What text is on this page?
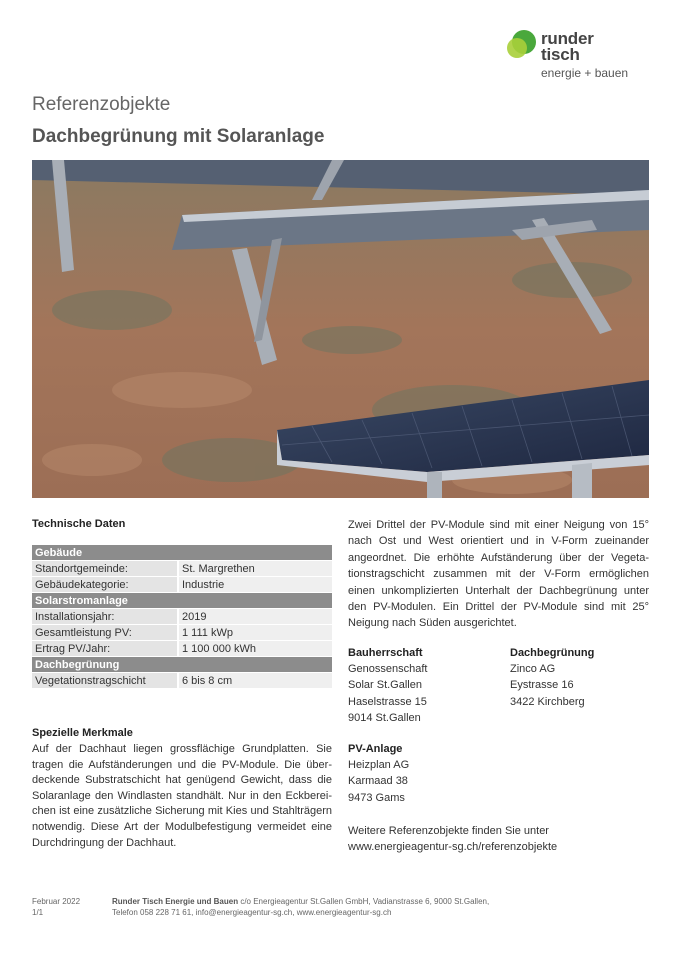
runder
tisch
energie + bauen
Referenzobjekte
Dachbegrünung mit Solaranlage
Technische Daten
Gebäude
Standortgemeinde:	St. Margrethen
Gebäudekategorie:	Industrie
Solarstromanlage
Installationsjahr:	2019
Gesamtleistung PV:	1 111 kWp
Ertrag PV/Jahr:	1 100 000 kWh
Dachbegrünung
Vegetationstragschicht	6 bis 8 cm
Spezielle Merkmale
Auf der Dachhaut liegen grossflächige Grundplatten. Sie tragen die Aufständerungen und die PV-Module. Die überdeckende Substratschicht hat genügend Gewicht, dass die Solaranlage den Windlasten standhält. Nur in den Eckbereichen ist eine zusätzliche Sicherung mit Kies und Stahlträgern notwendig. Diese Art der Modulbefestigung vermeidet eine Durchdringung der Dachhaut.
Zwei Drittel der PV-Module sind mit einer Neigung von 15° nach Ost und West orientiert und in V-Form zueinander angeordnet. Die erhöhte Aufständerung über der Vegetationstragschicht zusammen mit der V-Form ermöglichen einen unkomplizierten Unterhalt der Dachbegrünung unter den PV-Modulen. Ein Drittel der PV-Module sind mit 25° Neigung nach Süden ausgerichtet.
Bauherrschaft
Genossenschaft
Solar St.Gallen
Haselstrasse 15
9014 St.Gallen
Dachbegrünung
Zinco AG
Eystrasse 16
3422 Kirchberg
PV-Anlage
Heizplan AG
Karmaad 38
9473 Gams
Weitere Referenzobjekte finden Sie unter
www.energieagentur-sg.ch/referenzobjekte
Februar 2022
1/1
Runder Tisch Energie und Bauen c/o Energieagentur St.Gallen GmbH, Vadianstrasse 6, 9000 St.Gallen,
Telefon 058 228 71 61, info@energieagentur-sg.ch, www.energieagentur-sg.ch
